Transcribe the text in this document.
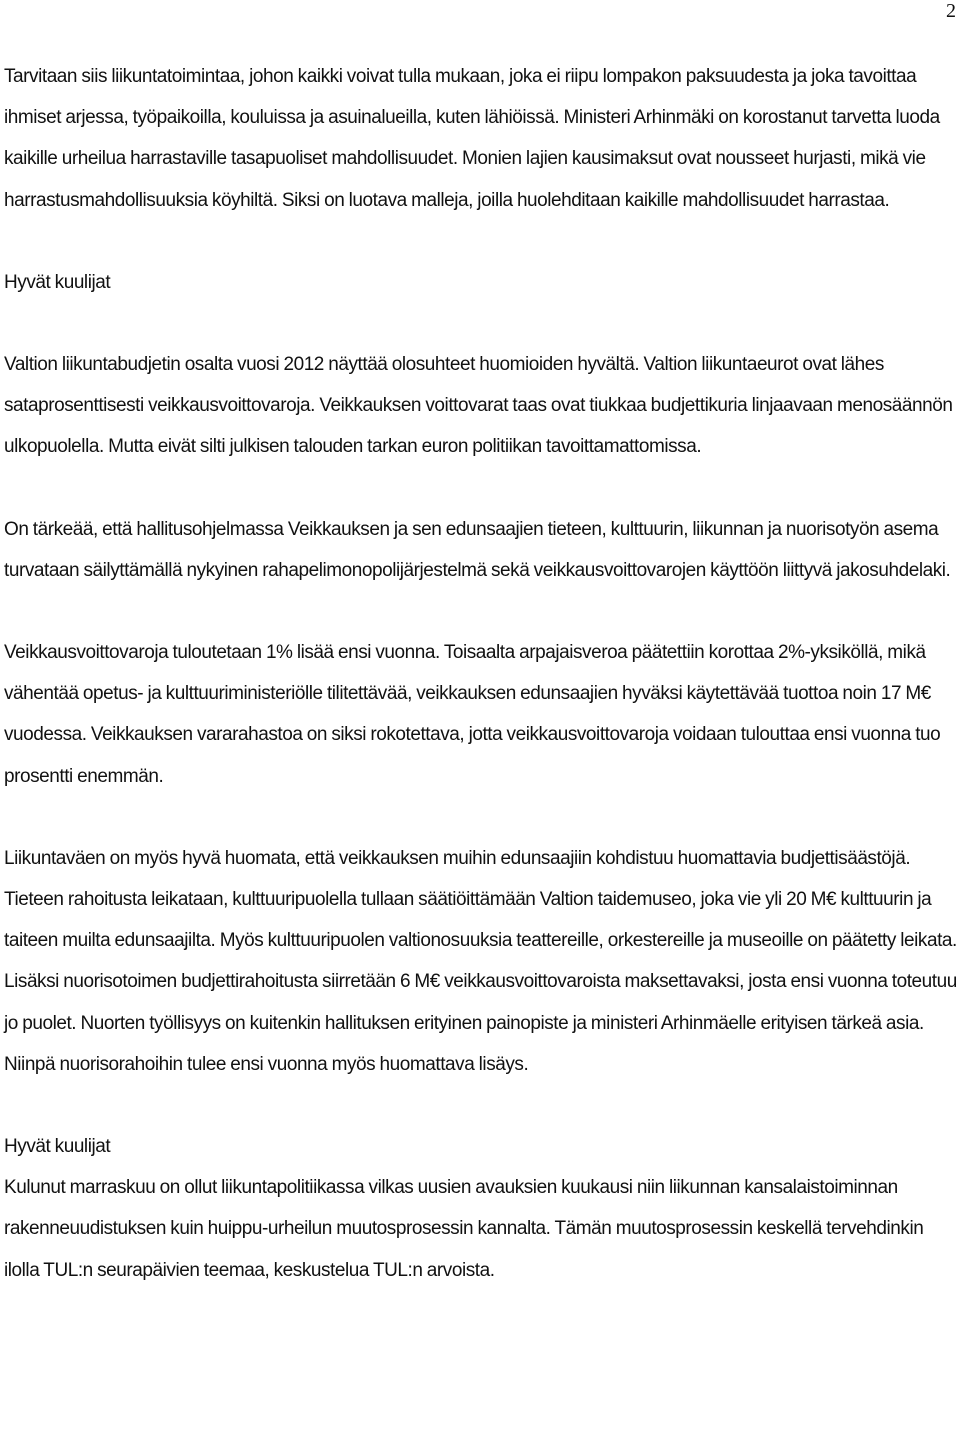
2

Tarvitaan siis liikuntatoimintaa, johon kaikki voivat tulla mukaan, joka ei riipu lompakon paksuudesta ja joka tavoittaa ihmiset arjessa, työpaikoilla, kouluissa ja asuinalueilla, kuten lähiöissä. Ministeri Arhinmäki on korostanut tarvetta luoda kaikille urheilua harrastaville tasapuoliset mahdollisuudet. Monien lajien kausimaksut ovat nousseet hurjasti, mikä vie harrastusmahdollisuuksia köyhiltä. Siksi on luotava malleja, joilla huolehditaan kaikille mahdollisuudet harrastaa.

Hyvät kuulijat

Valtion liikuntabudjetin osalta vuosi 2012 näyttää olosuhteet huomioiden hyvältä. Valtion liikuntaeurot ovat lähes sataprosenttisesti veikkausvoittovaroja. Veikkauksen voittovarat taas ovat tiukkaa budjettikuria linjaavaan menosäännön ulkopuolella. Mutta eivät silti julkisen talouden tarkan euron politiikan tavoittamattomissa.

On tärkeää, että hallitusohjelmassa Veikkauksen ja sen edunsaajien tieteen, kulttuurin, liikunnan ja nuorisotyön asema turvataan säilyttämällä nykyinen rahapelimonopolijärjestelmä sekä veikkausvoittovarojen käyttöön liittyvä jakosuhdelaki.

Veikkausvoittovaroja tuloutetaan 1% lisää ensi vuonna. Toisaalta arpajaisveroa päätettiin korottaa 2%-yksiköllä, mikä vähentää opetus- ja kulttuuriministeriölle tilitettävää, veikkauksen edunsaajien hyväksi käytettävää tuottoa noin 17 M€ vuodessa. Veikkauksen vararahastoa on siksi rokotettava, jotta veikkausvoittovaroja voidaan tulouttaa ensi vuonna tuo prosentti enemmän.

Liikuntaväen on myös hyvä huomata, että veikkauksen muihin edunsaajiin kohdistuu huomattavia budjettisäästöjä. Tieteen rahoitusta leikataan, kulttuuripuolella tullaan säätiöittämään Valtion taidemuseo, joka vie yli 20 M€ kulttuurin ja taiteen muilta edunsaajilta. Myös kulttuuripuolen valtionosuuksia teattereille, orkestereille ja museoille on päätetty leikata. Lisäksi nuorisotoimen budjettirahoitusta siirretään 6 M€ veikkausvoittovaroista maksettavaksi, josta ensi vuonna toteutuu jo puolet. Nuorten työllisyys on kuitenkin hallituksen erityinen painopiste ja ministeri Arhinmäelle erityisen tärkeä asia. Niinpä nuorisorahoihin tulee ensi vuonna myös huomattava lisäys.

Hyvät kuulijat

Kulunut marraskuu on ollut liikuntapolitiikassa vilkas uusien avauksien kuukausi niin liikunnan kansalaistoiminnan rakenneuudistuksen kuin huippu-urheilun muutosprosessin kannalta. Tämän muutosprosessin keskellä tervehdinkin ilolla TUL:n seurapäivien teemaa, keskustelua TUL:n arvoista.
